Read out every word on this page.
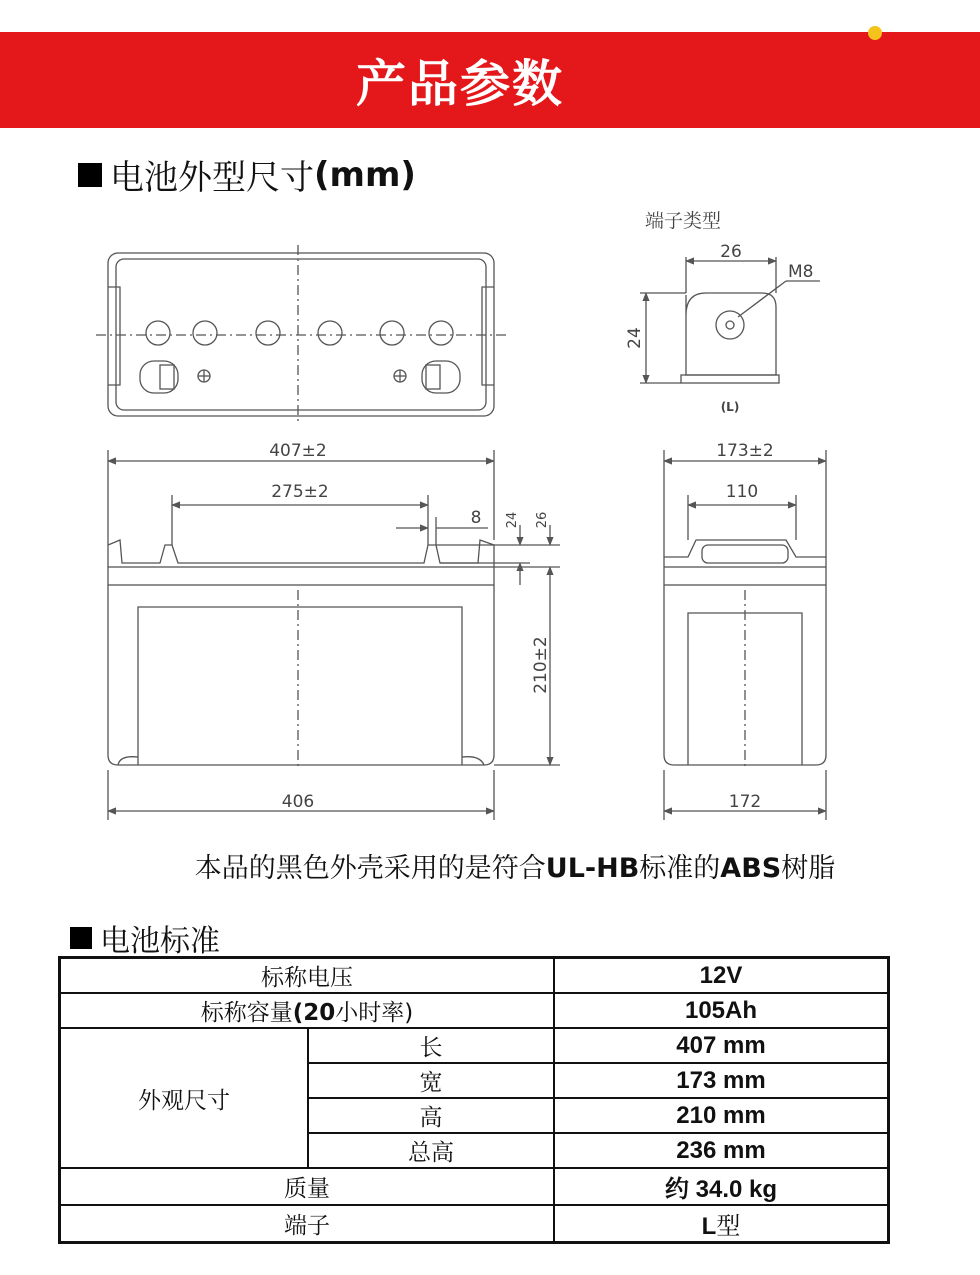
产品参数
电池外型尺寸 (mm)
端子类型
26
24
M8
(L)
407±2
275±2
8 24 26
210±2
406
173±2
110
172
本品的黑色外壳采用的是符合UL-HB标准的ABS树脂
电池标准
标称电压		12V
标称容量(20小时率)		105Ah
外观尺寸	长	407 mm
	宽	173 mm
	高	210 mm
	总高	236 mm
质量		约 34.0 kg
端子		L型
